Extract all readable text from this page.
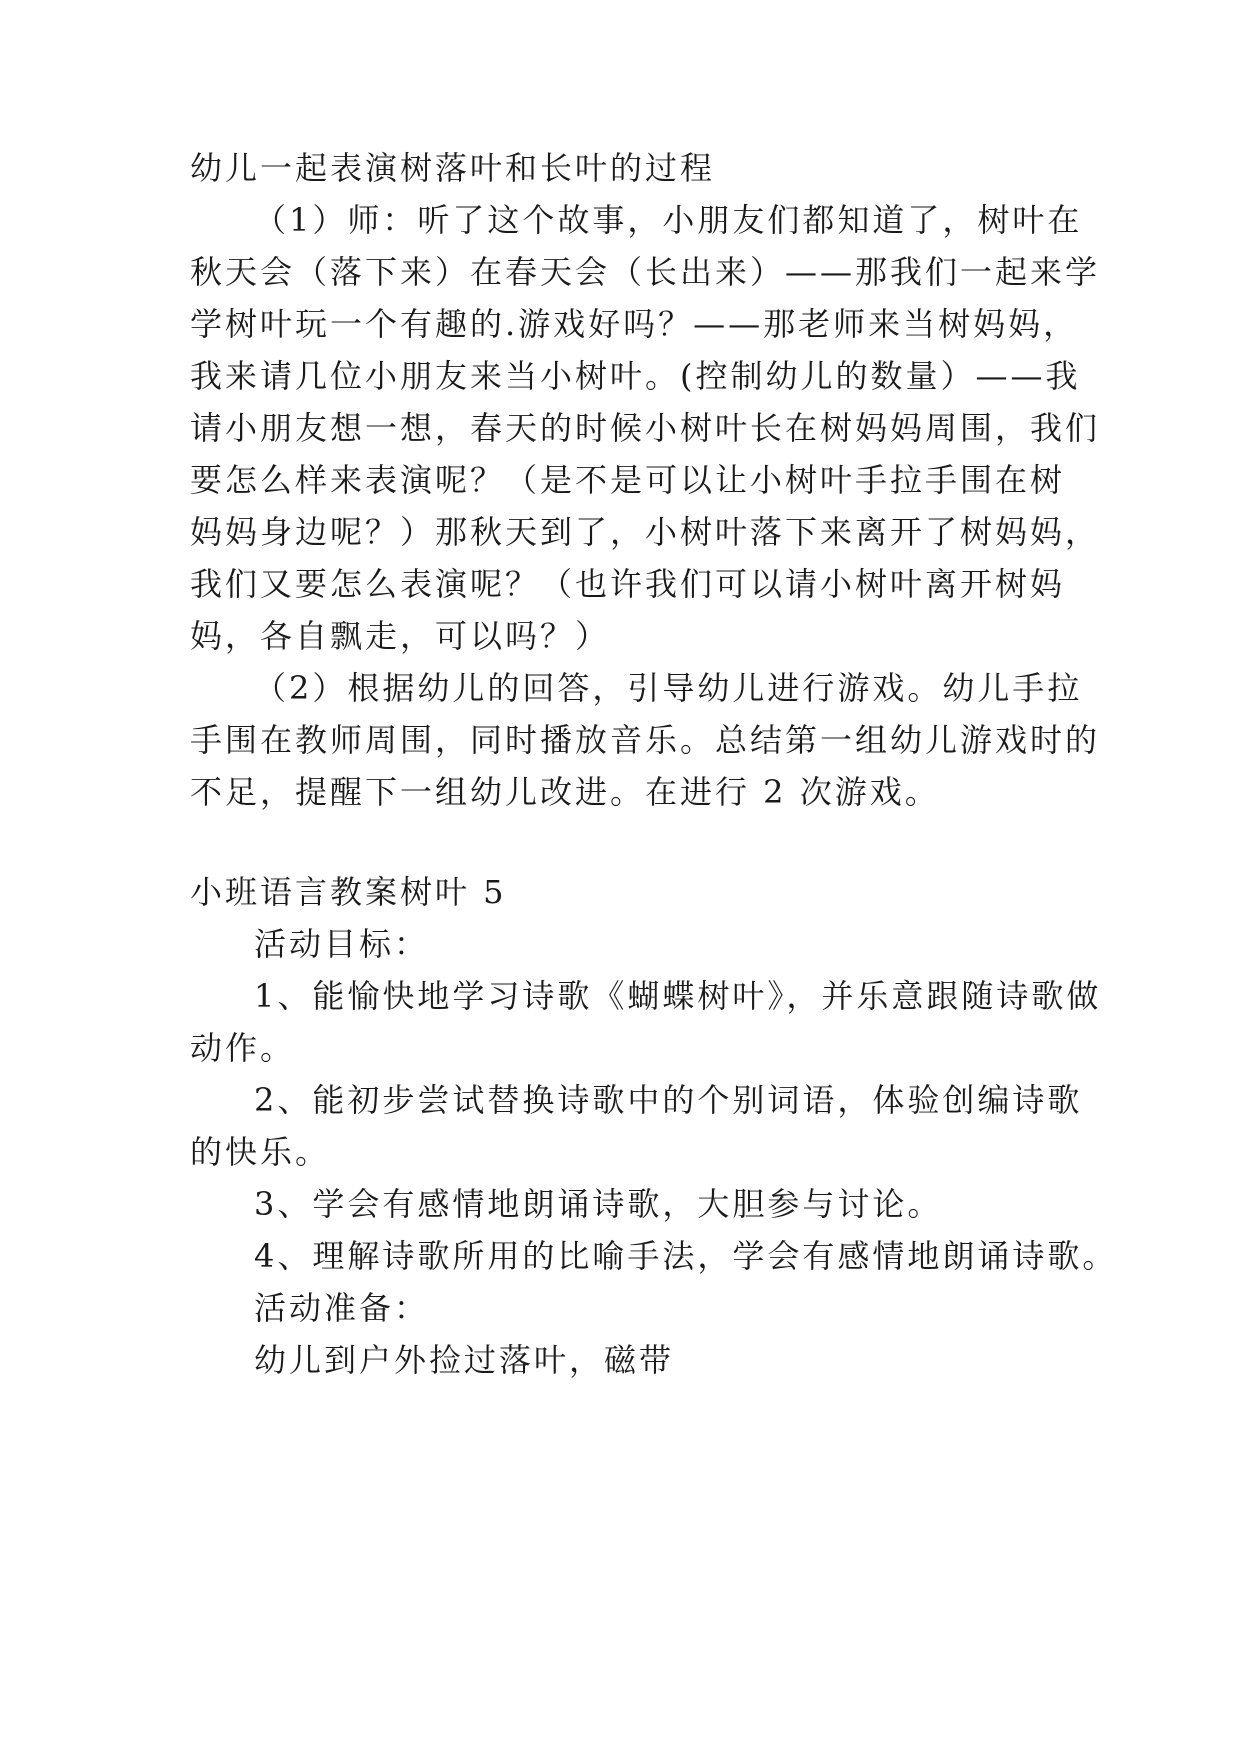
幼儿一起表演树落叶和长叶的过程
（1）师：听了这个故事，小朋友们都知道了，树叶在
秋天会（落下来）在春天会（长出来）——那我们一起来学
学树叶玩一个有趣的.游戏好吗？——那老师来当树妈妈，
我来请几位小朋友来当小树叶。(控制幼儿的数量）——我
请小朋友想一想，春天的时候小树叶长在树妈妈周围，我们
要怎么样来表演呢？（是不是可以让小树叶手拉手围在树
妈妈身边呢？）那秋天到了，小树叶落下来离开了树妈妈，
我们又要怎么表演呢？（也许我们可以请小树叶离开树妈
妈，各自飘走，可以吗？）
（2）根据幼儿的回答，引导幼儿进行游戏。幼儿手拉
手围在教师周围，同时播放音乐。总结第一组幼儿游戏时的
不足，提醒下一组幼儿改进。在进行 2 次游戏。
小班语言教案树叶 5
活动目标：
1、能愉快地学习诗歌《蝴蝶树叶》，并乐意跟随诗歌做
动作。
2、能初步尝试替换诗歌中的个别词语，体验创编诗歌
的快乐。
3、学会有感情地朗诵诗歌，大胆参与讨论。
4、理解诗歌所用的比喻手法，学会有感情地朗诵诗歌。
活动准备：
幼儿到户外捡过落叶，磁带
